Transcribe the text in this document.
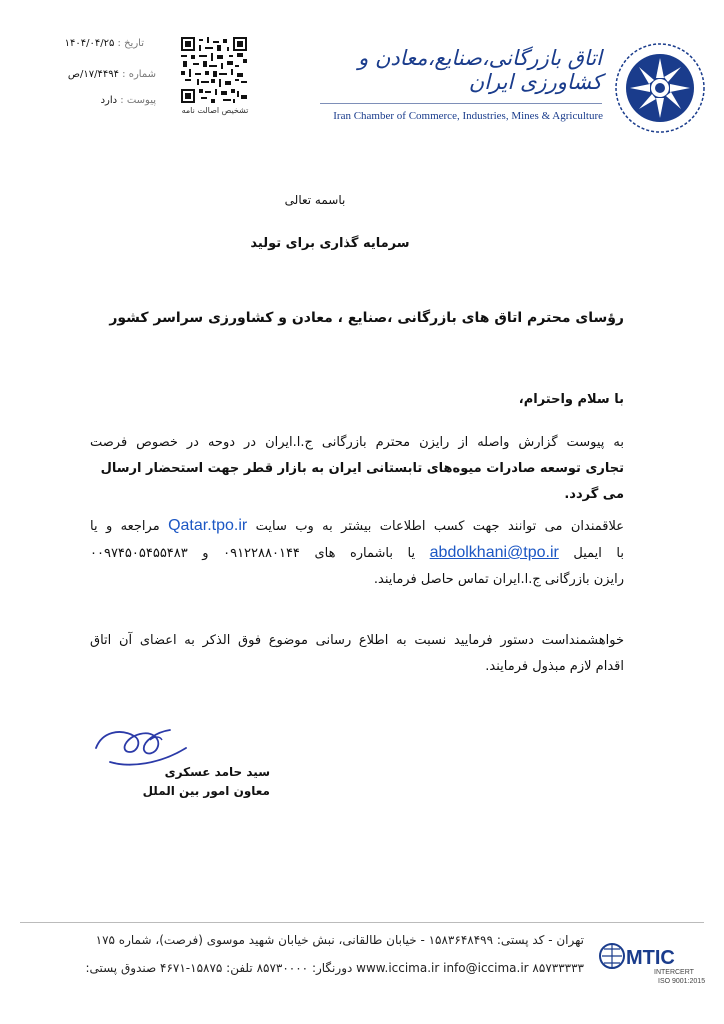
تاریخ : ۱۴۰۴/۰۴/۲۵
شماره : ۱۷/۴۴۹۴/ص
پیوست : دارد
تشخیص اصالت نامه
اتاق بازرگانی،صنایع،معادن و کشاورزی ایران
Iran Chamber of Commerce, Industries, Mines & Agriculture
باسمه تعالی
سرمایه گذاری برای تولید
رؤسای محترم اتاق های بازرگانی ،صنایع ، معادن و کشاورزی سراسر کشور
با سلام واحترام،
به پیوست گزارش واصله از رایزن محترم بازرگانی ج.ا.ایران در دوحه در خصوص فرصت
تجاری توسعه صادرات میوه‌های تابستانی ایران به بازار قطر جهت استحضار ارسال می گردد.
علاقمندان می توانند جهت کسب اطلاعات بیشتر به وب سایت Qatar.tpo.ir مراجعه و یا
با ایمیل abdolkhani@tpo.ir یا باشماره های ۰۹۱۲۲۸۸۰۱۴۴ و ۰۰۹۷۴۵۰۵۴۵۵۴۸۳
رایزن بازرگانی ج.ا.ایران تماس حاصل فرمایند.
خواهشمنداست دستور فرمایید نسبت به اطلاع رسانی موضوع فوق الذکر به اعضای آن اتاق
اقدام لازم مبذول فرمایند.
سید حامد عسکری
معاون امور بین الملل
تهران - کد پستی: ۱۵۸۳۶۴۸۴۹۹ - خیابان طالقانی، نبش خیابان شهید موسوی (فرصت)، شماره ۱۷۵
www.iccima.ir info@iccima.ir ۸۵۷۳۳۳۳۳ دورنگار: ۸۵۷۳۰۰۰۰ تلفن: ۱۵۸۷۵-۴۶۷۱ صندوق پستی: MTIC
INTERCERT
ISO 9001:2015
